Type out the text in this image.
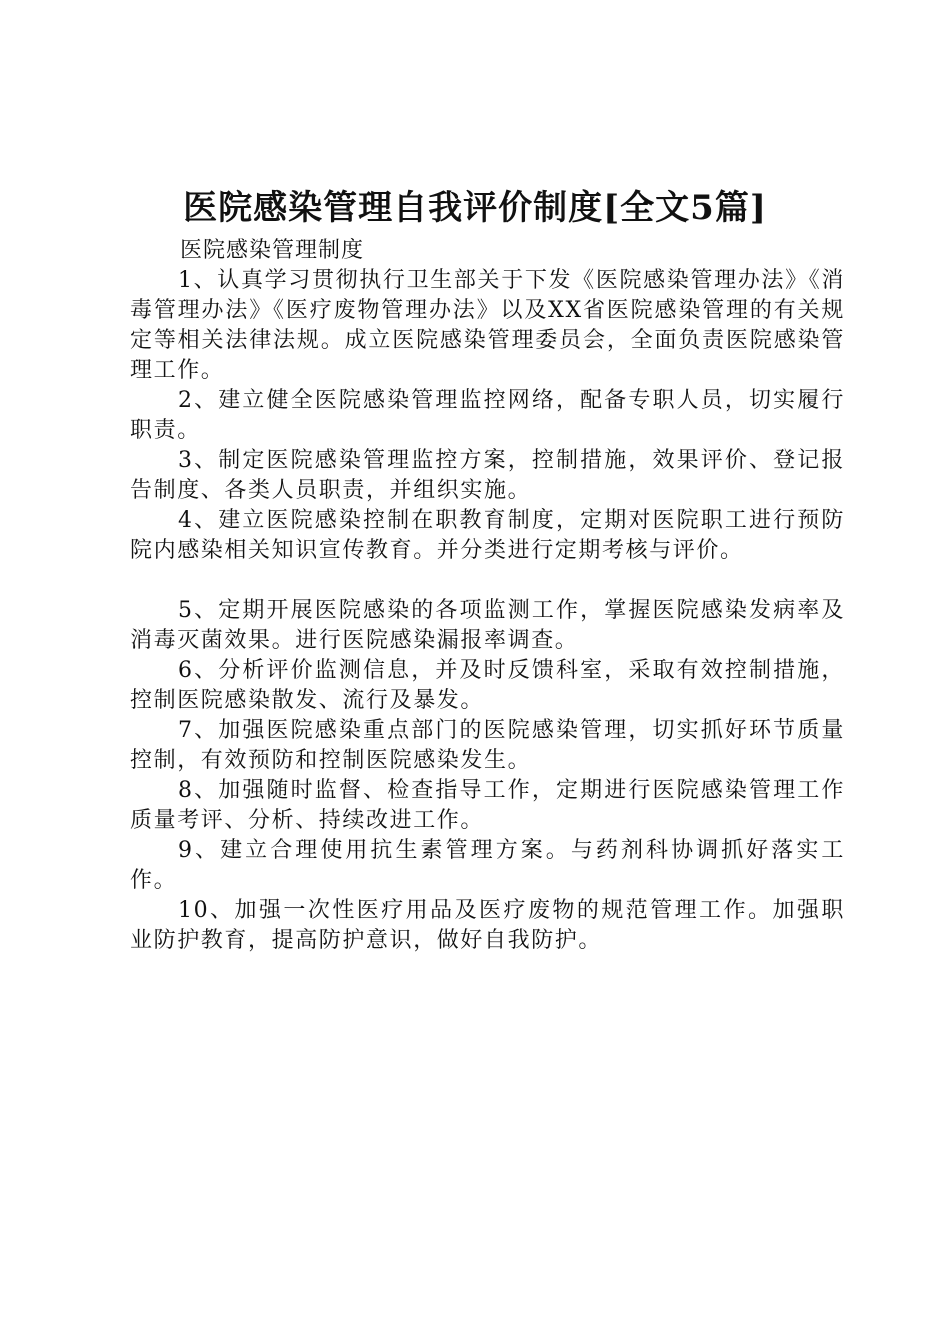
医院感染管理自我评价制度[全文5篇]

医院感染管理制度

1、认真学习贯彻执行卫生部关于下发《医院感染管理办法》《消毒管理办法》《医疗废物管理办法》以及XX省医院感染管理的有关规定等相关法律法规。成立医院感染管理委员会，全面负责医院感染管理工作。

2、建立健全医院感染管理监控网络，配备专职人员，切实履行职责。

3、制定医院感染管理监控方案，控制措施，效果评价、登记报告制度、各类人员职责，并组织实施。

4、建立医院感染控制在职教育制度，定期对医院职工进行预防院内感染相关知识宣传教育。并分类进行定期考核与评价。

5、定期开展医院感染的各项监测工作，掌握医院感染发病率及消毒灭菌效果。进行医院感染漏报率调查。

6、分析评价监测信息，并及时反馈科室，采取有效控制措施，控制医院感染散发、流行及暴发。

7、加强医院感染重点部门的医院感染管理，切实抓好环节质量控制，有效预防和控制医院感染发生。

8、加强随时监督、检查指导工作，定期进行医院感染管理工作质量考评、分析、持续改进工作。

9、建立合理使用抗生素管理方案。与药剂科协调抓好落实工作。

10、加强一次性医疗用品及医疗废物的规范管理工作。加强职业防护教育，提高防护意识，做好自我防护。
